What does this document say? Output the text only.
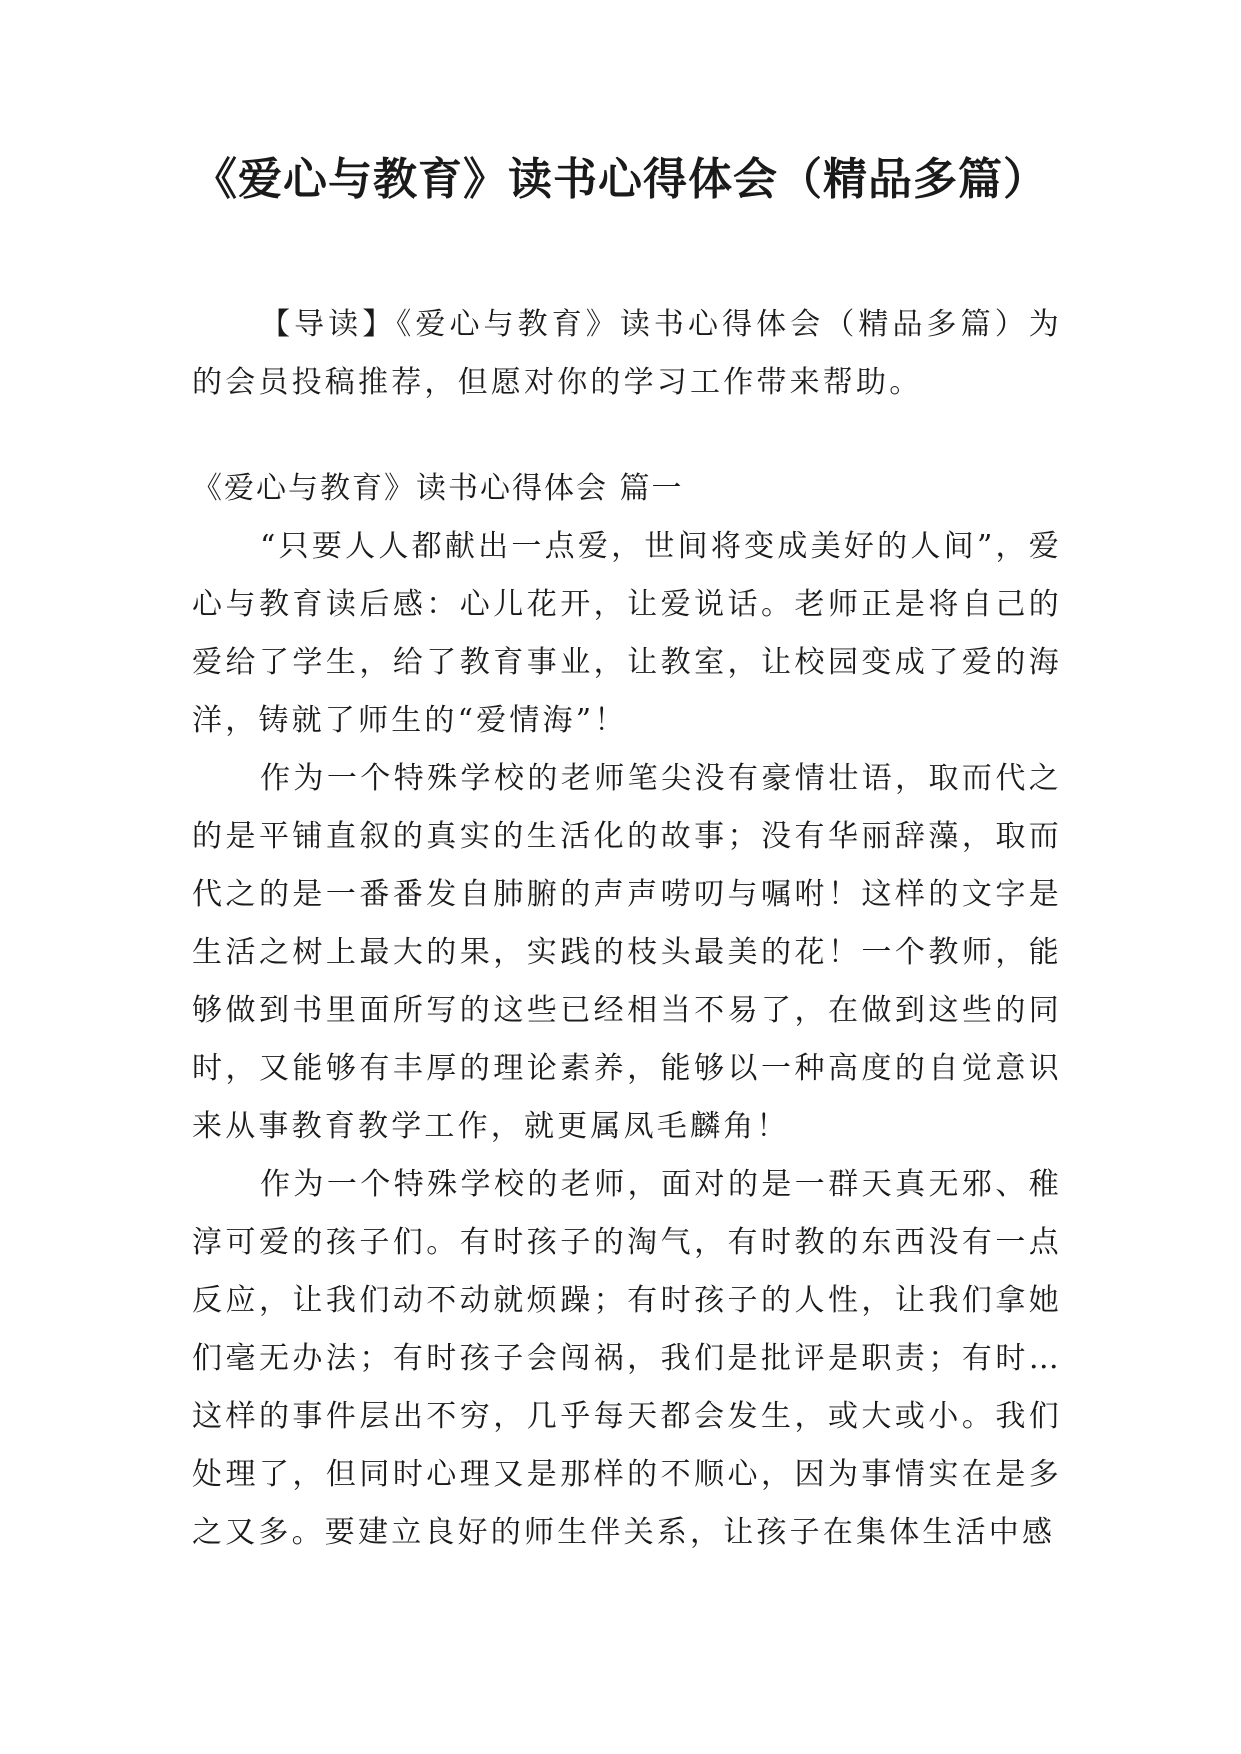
《爱心与教育》读书心得体会（精品多篇）

【导读】《爱心与教育》读书心得体会（精品多篇）为的会员投稿推荐，但愿对你的学习工作带来帮助。

《爱心与教育》读书心得体会 篇一

“只要人人都献出一点爱，世间将变成美好的人间”，爱心与教育读后感：心儿花开，让爱说话。老师正是将自己的爱给了学生，给了教育事业，让教室，让校园变成了爱的海洋，铸就了师生的“爱情海”！

作为一个特殊学校的老师笔尖没有豪情壮语，取而代之的是平铺直叙的真实的生活化的故事；没有华丽辞藻，取而代之的是一番番发自肺腑的声声唠叨与嘱咐！这样的文字是生活之树上最大的果，实践的枝头最美的花！一个教师，能够做到书里面所写的这些已经相当不易了，在做到这些的同时，又能够有丰厚的理论素养，能够以一种高度的自觉意识来从事教育教学工作，就更属凤毛麟角！

作为一个特殊学校的老师，面对的是一群天真无邪、稚淳可爱的孩子们。有时孩子的淘气，有时教的东西没有一点反应，让我们动不动就烦躁；有时孩子的人性，让我们拿她们毫无办法；有时孩子会闯祸，我们是批评是职责；有时…这样的事件层出不穷，几乎每天都会发生，或大或小。我们处理了，但同时心理又是那样的不顺心，因为事情实在是多之又多。要建立良好的师生伴关系，让孩子在集体生活中感
